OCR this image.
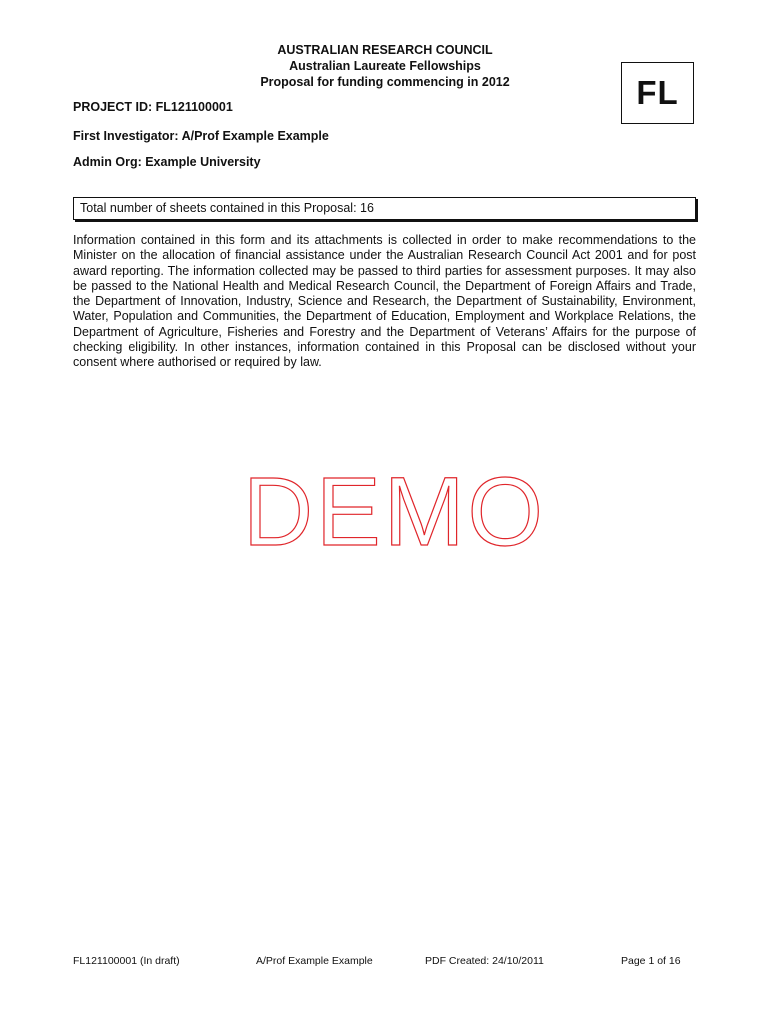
AUSTRALIAN RESEARCH COUNCIL
Australian Laureate Fellowships
Proposal for funding commencing in 2012	FL
PROJECT ID: FL121100001
First Investigator: A/Prof Example Example
Admin Org: Example University
Total number of sheets contained in this Proposal: 16
Information contained in this form and its attachments is collected in order to make recommendations to the Minister on the allocation of financial assistance under the Australian Research Council Act 2001 and for post award reporting. The information collected may be passed to third parties for assessment purposes. It may also be passed to the National Health and Medical Research Council, the Department of Foreign Affairs and Trade, the Department of Innovation, Industry, Science and Research, the Department of Sustainability, Environment, Water, Population and Communities, the Department of Education, Employment and Workplace Relations, the Department of Agriculture, Fisheries and Forestry and the Department of Veterans’ Affairs for the purpose of checking eligibility. In other instances, information contained in this Proposal can be disclosed without your consent where authorised or required by law.
DEMO
FL121100001 (In draft)	A/Prof Example Example	PDF Created: 24/10/2011	Page 1 of 16
